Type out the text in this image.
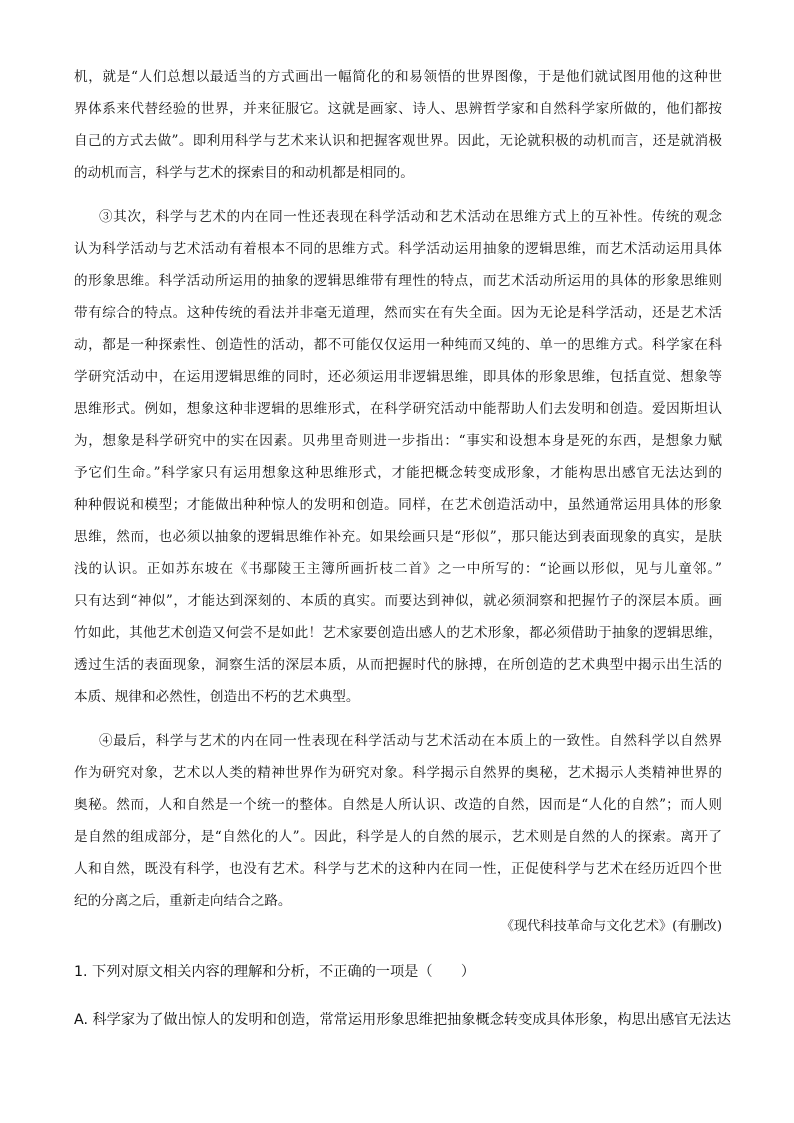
机，就是“人们总想以最适当的方式画出一幅简化的和易领悟的世界图像，于是他们就试图用他的这种世
界体系来代替经验的世界，并来征服它。这就是画家、诗人、思辨哲学家和自然科学家所做的，他们都按
自己的方式去做”。即利用科学与艺术来认识和把握客观世界。因此，无论就积极的动机而言，还是就消极
的动机而言，科学与艺术的探索目的和动机都是相同的。
③其次，科学与艺术的内在同一性还表现在科学活动和艺术活动在思维方式上的互补性。传统的观念
认为科学活动与艺术活动有着根本不同的思维方式。科学活动运用抽象的逻辑思维，而艺术活动运用具体
的形象思维。科学活动所运用的抽象的逻辑思维带有理性的特点，而艺术活动所运用的具体的形象思维则
带有综合的特点。这种传统的看法并非毫无道理，然而实在有失全面。因为无论是科学活动，还是艺术活
动，都是一种探索性、创造性的活动，都不可能仅仅运用一种纯而又纯的、单一的思维方式。科学家在科
学研究活动中，在运用逻辑思维的同时，还必须运用非逻辑思维，即具体的形象思维，包括直觉、想象等
思维形式。例如，想象这种非逻辑的思维形式，在科学研究活动中能帮助人们去发明和创造。爱因斯坦认
为，想象是科学研究中的实在因素。贝弗里奇则进一步指出：“事实和设想本身是死的东西，是想象力赋
予它们生命。”科学家只有运用想象这种思维形式，才能把概念转变成形象，才能构思出感官无法达到的
种种假说和模型；才能做出种种惊人的发明和创造。同样，在艺术创造活动中，虽然通常运用具体的形象
思维，然而，也必须以抽象的逻辑思维作补充。如果绘画只是“形似”，那只能达到表面现象的真实，是肤
浅的认识。正如苏东坡在《书鄢陵王主簿所画折枝二首》之一中所写的：“论画以形似，见与儿童邻。”
只有达到“神似”，才能达到深刻的、本质的真实。而要达到神似，就必须洞察和把握竹子的深层本质。画
竹如此，其他艺术创造又何尝不是如此！艺术家要创造出感人的艺术形象，都必须借助于抽象的逻辑思维，
透过生活的表面现象，洞察生活的深层本质，从而把握时代的脉搏，在所创造的艺术典型中揭示出生活的
本质、规律和必然性，创造出不朽的艺术典型。
④最后，科学与艺术的内在同一性表现在科学活动与艺术活动在本质上的一致性。自然科学以自然界
作为研究对象，艺术以人类的精神世界作为研究对象。科学揭示自然界的奥秘，艺术揭示人类精神世界的
奥秘。然而，人和自然是一个统一的整体。自然是人所认识、改造的自然，因而是“人化的自然”；而人则
是自然的组成部分，是“自然化的人”。因此，科学是人的自然的展示，艺术则是自然的人的探索。离开了
人和自然，既没有科学，也没有艺术。科学与艺术的这种内在同一性，正促使科学与艺术在经历近四个世
纪的分离之后，重新走向结合之路。
《现代科技革命与文化艺术》(有删改)
1. 下列对原文相关内容的理解和分析，不正确的一项是（　　）
A. 科学家为了做出惊人的发明和创造，常常运用形象思维把抽象概念转变成具体形象，构思出感官无法达
